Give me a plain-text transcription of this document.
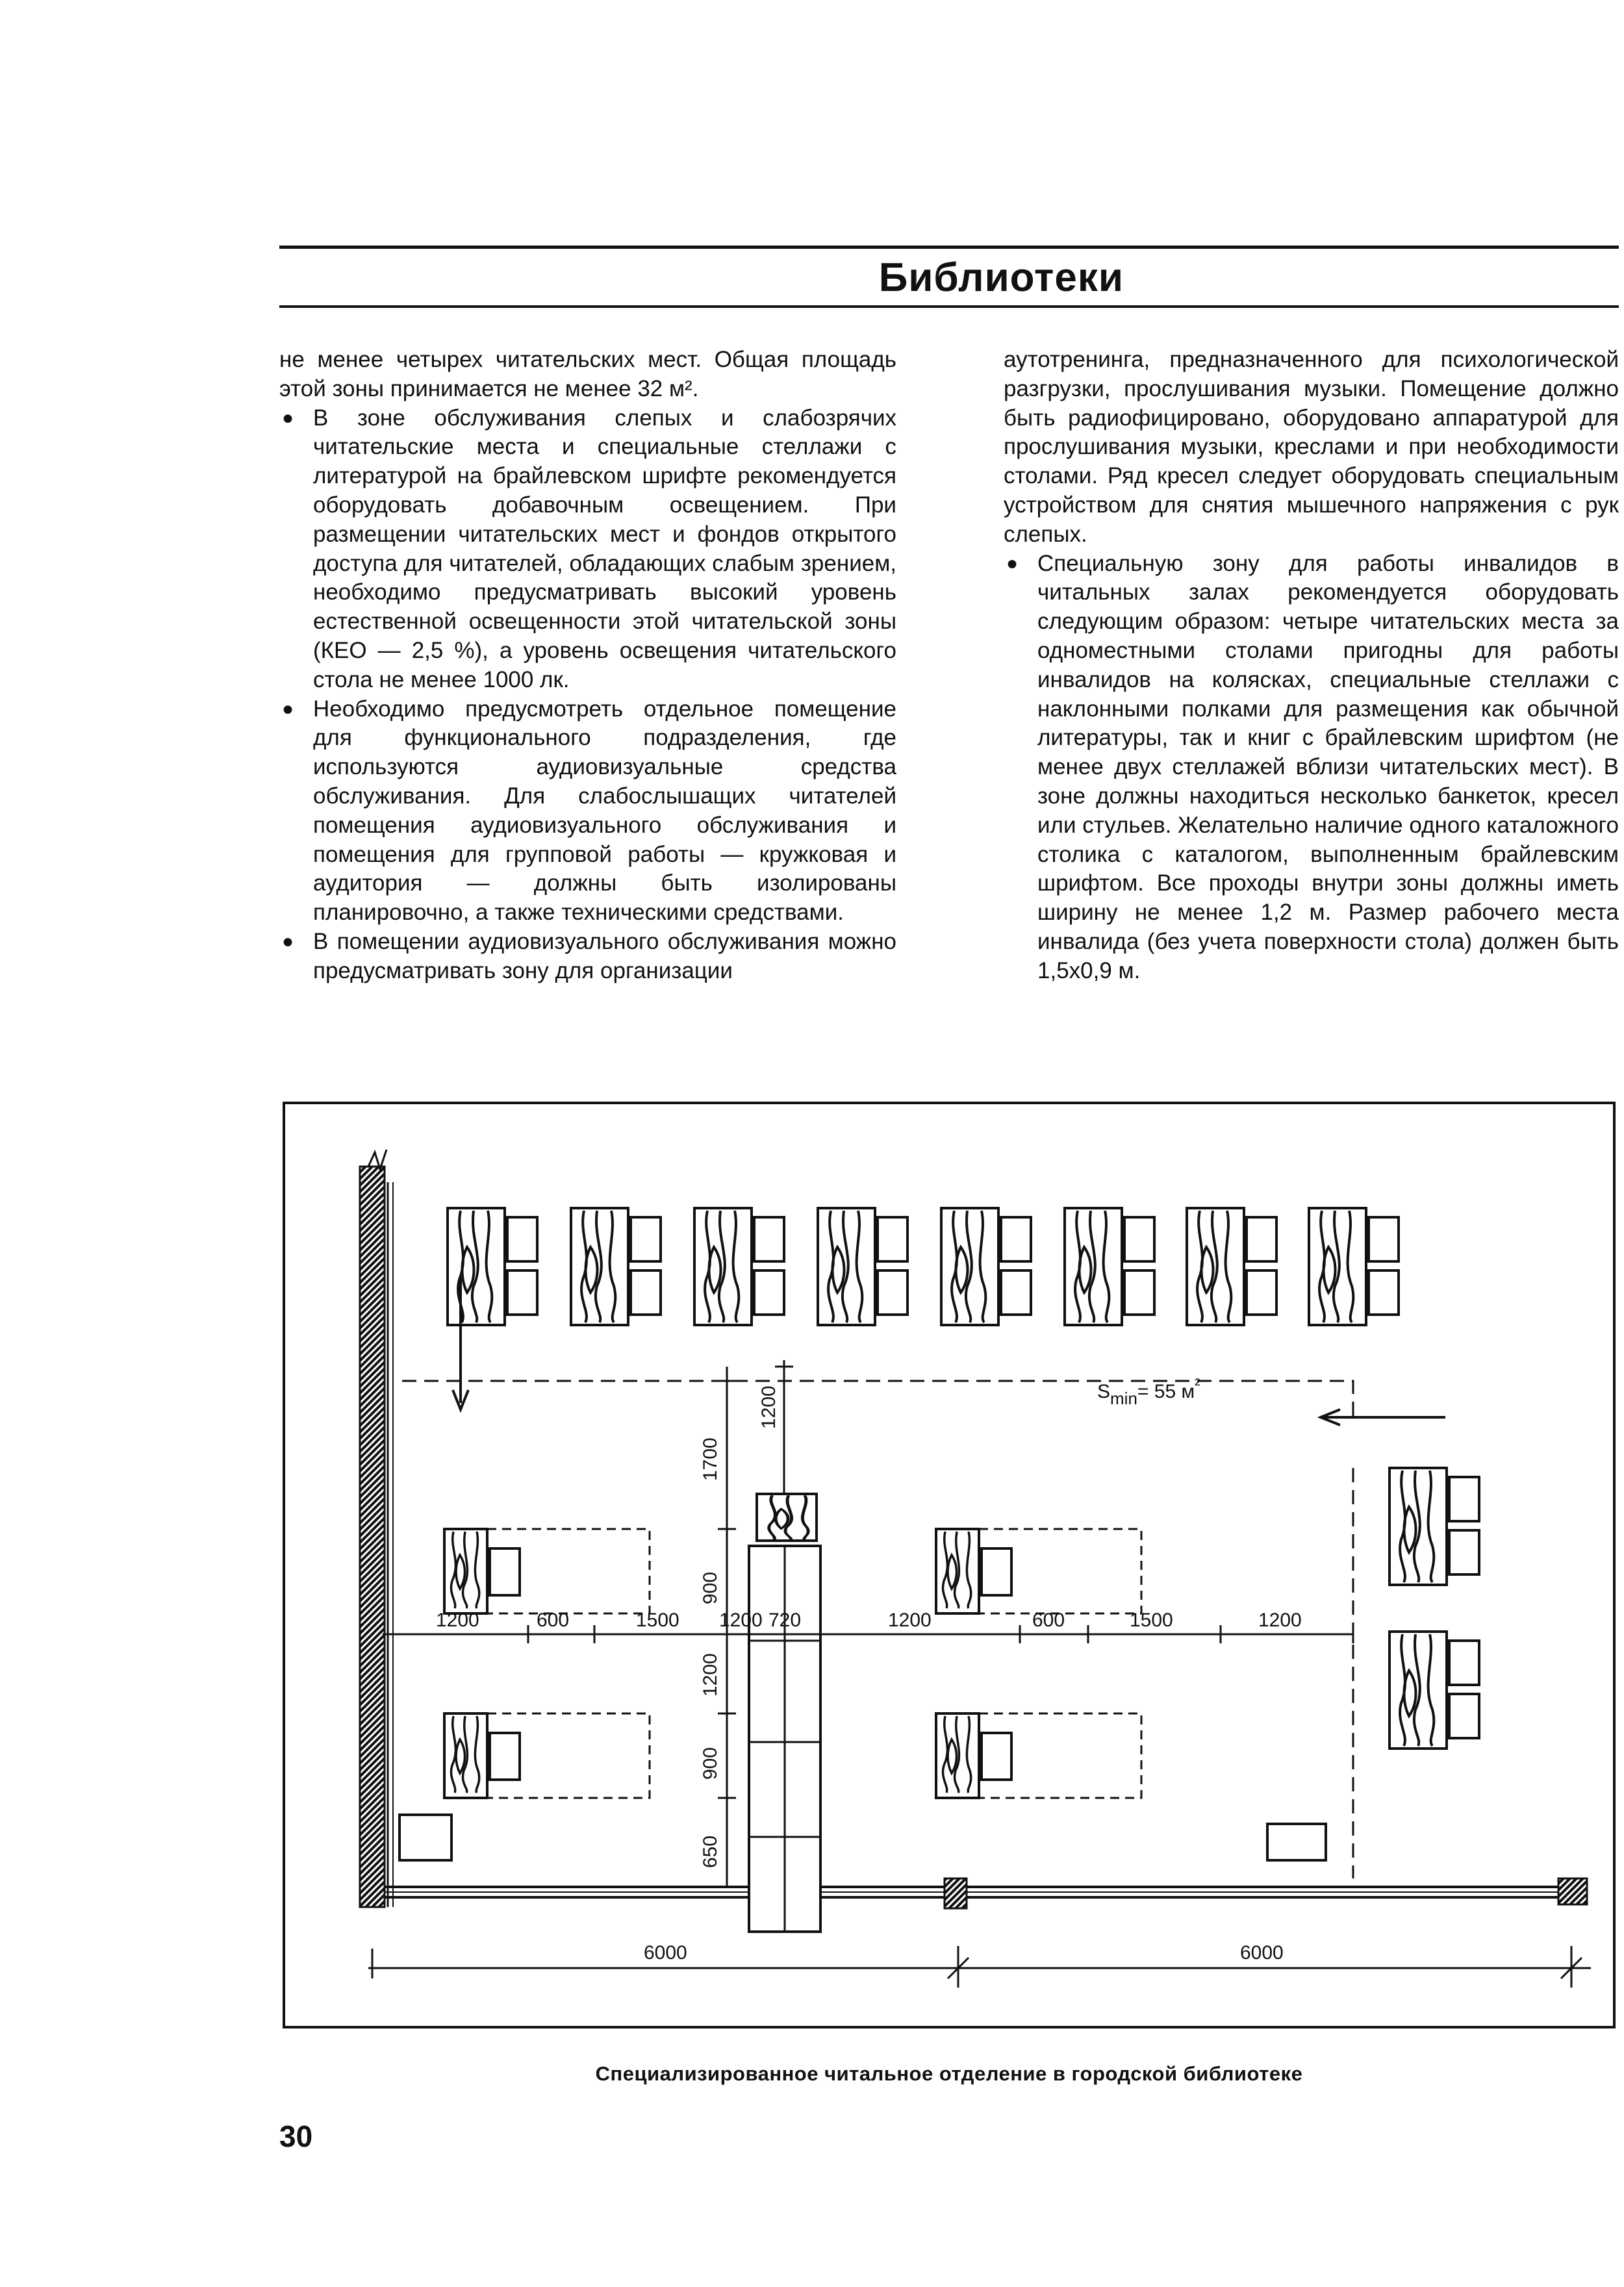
Библиотеки

не менее четырех читательских мест. Общая площадь этой зоны принимается не менее 32 м².

● В зоне обслуживания слепых и слабозрячих читательские места и специальные стеллажи с литературой на брайлевском шрифте рекомендуется оборудовать добавочным освещением. При размещении читательских мест и фондов открытого доступа для читателей, обладающих слабым зрением, необходимо предусматривать высокий уровень естественной освещенности этой читательской зоны (КЕО — 2,5 %), а уровень освещения читательского стола не менее 1000 лк.
● Необходимо предусмотреть отдельное помещение для функционального подразделения, где используются аудиовизуальные средства обслуживания. Для слабослышащих читателей помещения аудиовизуального обслуживания и помещения для групповой работы — кружковая и аудитория — должны быть изолированы планировочно, а также техническими средствами.
● В помещении аудиовизуального обслуживания можно предусматривать зону для организации

аутотренинга, предназначенного для психологической разгрузки, прослушивания музыки. Помещение должно быть радиофицировано, оборудовано аппаратурой для прослушивания музыки, креслами и при необходимости столами. Ряд кресел следует оборудовать специальным устройством для снятия мышечного напряжения с рук слепых.

● Специальную зону для работы инвалидов в читальных залах рекомендуется оборудовать следующим образом: четыре читательских места за одноместными столами пригодны для работы инвалидов на колясках, специальные стеллажи с наклонными полками для размещения как обычной литературы, так и книг с брайлевским шрифтом (не менее двух стеллажей вблизи читательских мест). В зоне должны находиться несколько банкеток, кресел или стульев. Желательно наличие одного каталожного столика с каталогом, выполненным брайлевским шрифтом. Все проходы внутри зоны должны иметь ширину не менее 1,2 м. Размер рабочего места инвалида (без учета поверхности стола) должен быть 1,5х0,9 м.
Smin= 55 м²
1200	600	1500 1200 720	1200	600	1500	1200
1700
1200
900
1200
900
650
6000	6000
Специализированное читальное отделение в городской библиотеке
30
